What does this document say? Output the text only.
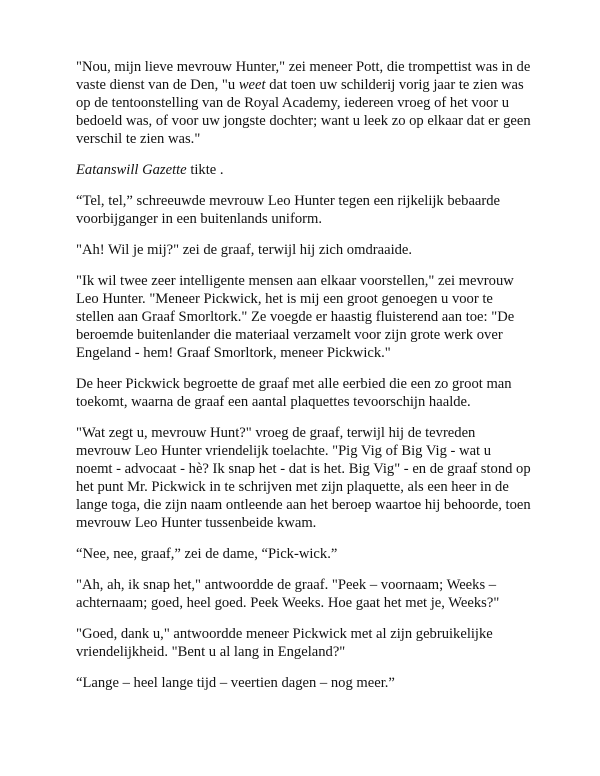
"Nou, mijn lieve mevrouw Hunter," zei meneer Pott, die trompettist was in de vaste dienst van de Den, "u weet dat toen uw schilderij vorig jaar te zien was op de tentoonstelling van de Royal Academy, iedereen vroeg of het voor u bedoeld was, of voor uw jongste dochter; want u leek zo op elkaar dat er geen verschil te zien was."

Eatanswill Gazette tikte .

“Tel, tel,” schreeuwde mevrouw Leo Hunter tegen een rijkelijk bebaarde voorbijganger in een buitenlands uniform.

"Ah! Wil je mij?" zei de graaf, terwijl hij zich omdraaide.

"Ik wil twee zeer intelligente mensen aan elkaar voorstellen," zei mevrouw Leo Hunter. "Meneer Pickwick, het is mij een groot genoegen u voor te stellen aan Graaf Smorltork." Ze voegde er haastig fluisterend aan toe: "De beroemde buitenlander die materiaal verzamelt voor zijn grote werk over Engeland - hem! Graaf Smorltork, meneer Pickwick."

De heer Pickwick begroette de graaf met alle eerbied die een zo groot man toekomt, waarna de graaf een aantal plaquettes tevoorschijn haalde.

"Wat zegt u, mevrouw Hunt?" vroeg de graaf, terwijl hij de tevreden mevrouw Leo Hunter vriendelijk toelachte. "Pig Vig of Big Vig - wat u noemt - advocaat - hè? Ik snap het - dat is het. Big Vig" - en de graaf stond op het punt Mr. Pickwick in te schrijven met zijn plaquette, als een heer in de lange toga, die zijn naam ontleende aan het beroep waartoe hij behoorde, toen mevrouw Leo Hunter tussenbeide kwam.

“Nee, nee, graaf,” zei de dame, “Pick-wick.”

"Ah, ah, ik snap het," antwoordde de graaf. "Peek – voornaam; Weeks – achternaam; goed, heel goed. Peek Weeks. Hoe gaat het met je, Weeks?"

"Goed, dank u," antwoordde meneer Pickwick met al zijn gebruikelijke vriendelijkheid. "Bent u al lang in Engeland?"

“Lange – heel lange tijd – veertien dagen – nog meer.”
